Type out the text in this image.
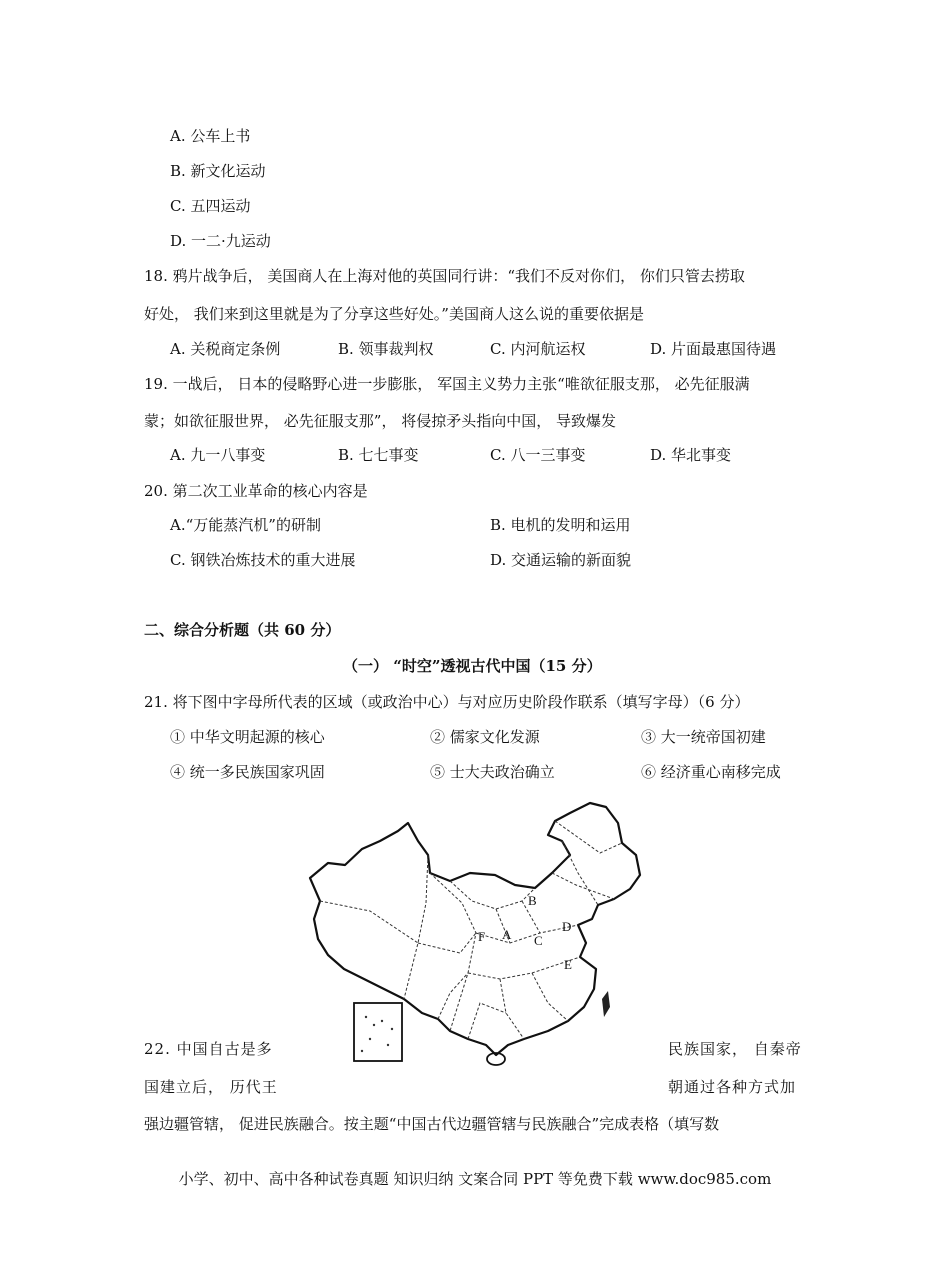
A. 公车上书
B. 新文化运动
C. 五四运动
D. 一二·九运动
18. 鸦片战争后， 美国商人在上海对他的英国同行讲：“我们不反对你们， 你们只管去捞取
好处， 我们来到这里就是为了分享这些好处。”美国商人这么说的重要依据是
A. 关税商定条例	B. 领事裁判权	C. 内河航运权	D. 片面最惠国待遇
19. 一战后， 日本的侵略野心进一步膨胀， 军国主义势力主张“唯欲征服支那， 必先征服满
蒙；如欲征服世界， 必先征服支那”， 将侵掠矛头指向中国， 导致爆发
A. 九一八事变	B. 七七事变	C. 八一三事变	D. 华北事变
20. 第二次工业革命的核心内容是
A.“万能蒸汽机”的研制	B. 电机的发明和运用
C. 钢铁冶炼技术的重大进展	D. 交通运输的新面貌
二、综合分析题（共 60 分）
（一） “时空”透视古代中国（15 分）
21. 将下图中字母所代表的区域（或政治中心）与对应历史阶段作联系（填写字母）（6 分）
① 中华文明起源的核心	② 儒家文化发源	③ 大一统帝国初建
④ 统一多民族国家巩固	⑤ 士大夫政治确立	⑥ 经济重心南移完成
B
A
F	C
D
E
22. 中国自古是多	民族国家， 自秦帝
国建立后， 历代王	朝通过各种方式加
强边疆管辖， 促进民族融合。按主题“中国古代边疆管辖与民族融合”完成表格（填写数
小学、初中、高中各种试卷真题 知识归纳 文案合同 PPT 等免费下载 www.doc985.com
